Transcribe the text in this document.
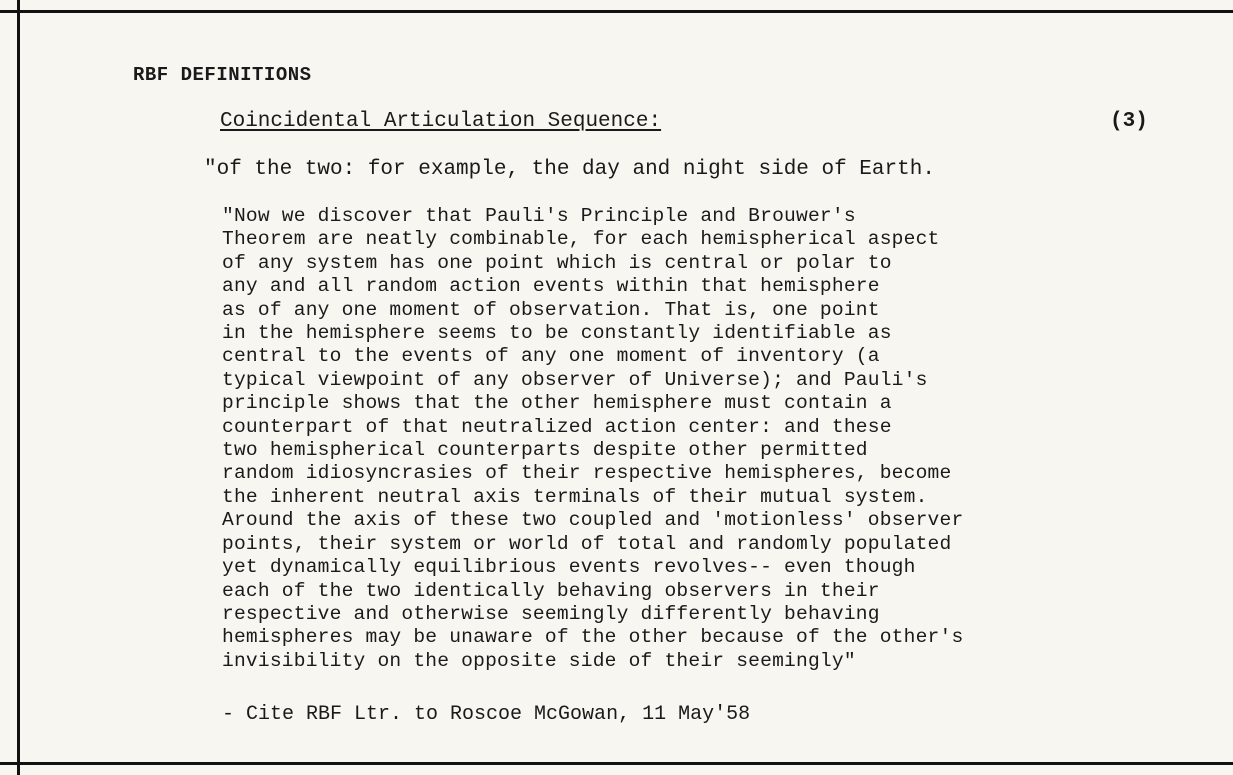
RBF DEFINITIONS
Coincidental Articulation Sequence:	(3)
"of the two: for example, the day and night side of Earth.
"Now we discover that Pauli's Principle and Brouwer's
Theorem are neatly combinable, for each hemispherical aspect
of any system has one point which is central or polar to
any and all random action events within that hemisphere
as of any one moment of observation. That is, one point
in the hemisphere seems to be constantly identifiable as
central to the events of any one moment of inventory (a
typical viewpoint of any observer of Universe); and Pauli's
principle shows that the other hemisphere must contain a
counterpart of that neutralized action center: and these
two hemispherical counterparts despite other permitted
random idiosyncrasies of their respective hemispheres, become
the inherent neutral axis terminals of their mutual system.
Around the axis of these two coupled and 'motionless' observer
points, their system or world of total and randomly populated
yet dynamically equilibrious events revolves-- even though
each of the two identically behaving observers in their
respective and otherwise seemingly differently behaving
hemispheres may be unaware of the other because of the other's
invisibility on the opposite side of their seemingly"
- Cite RBF Ltr. to Roscoe McGowan, 11 May'58
